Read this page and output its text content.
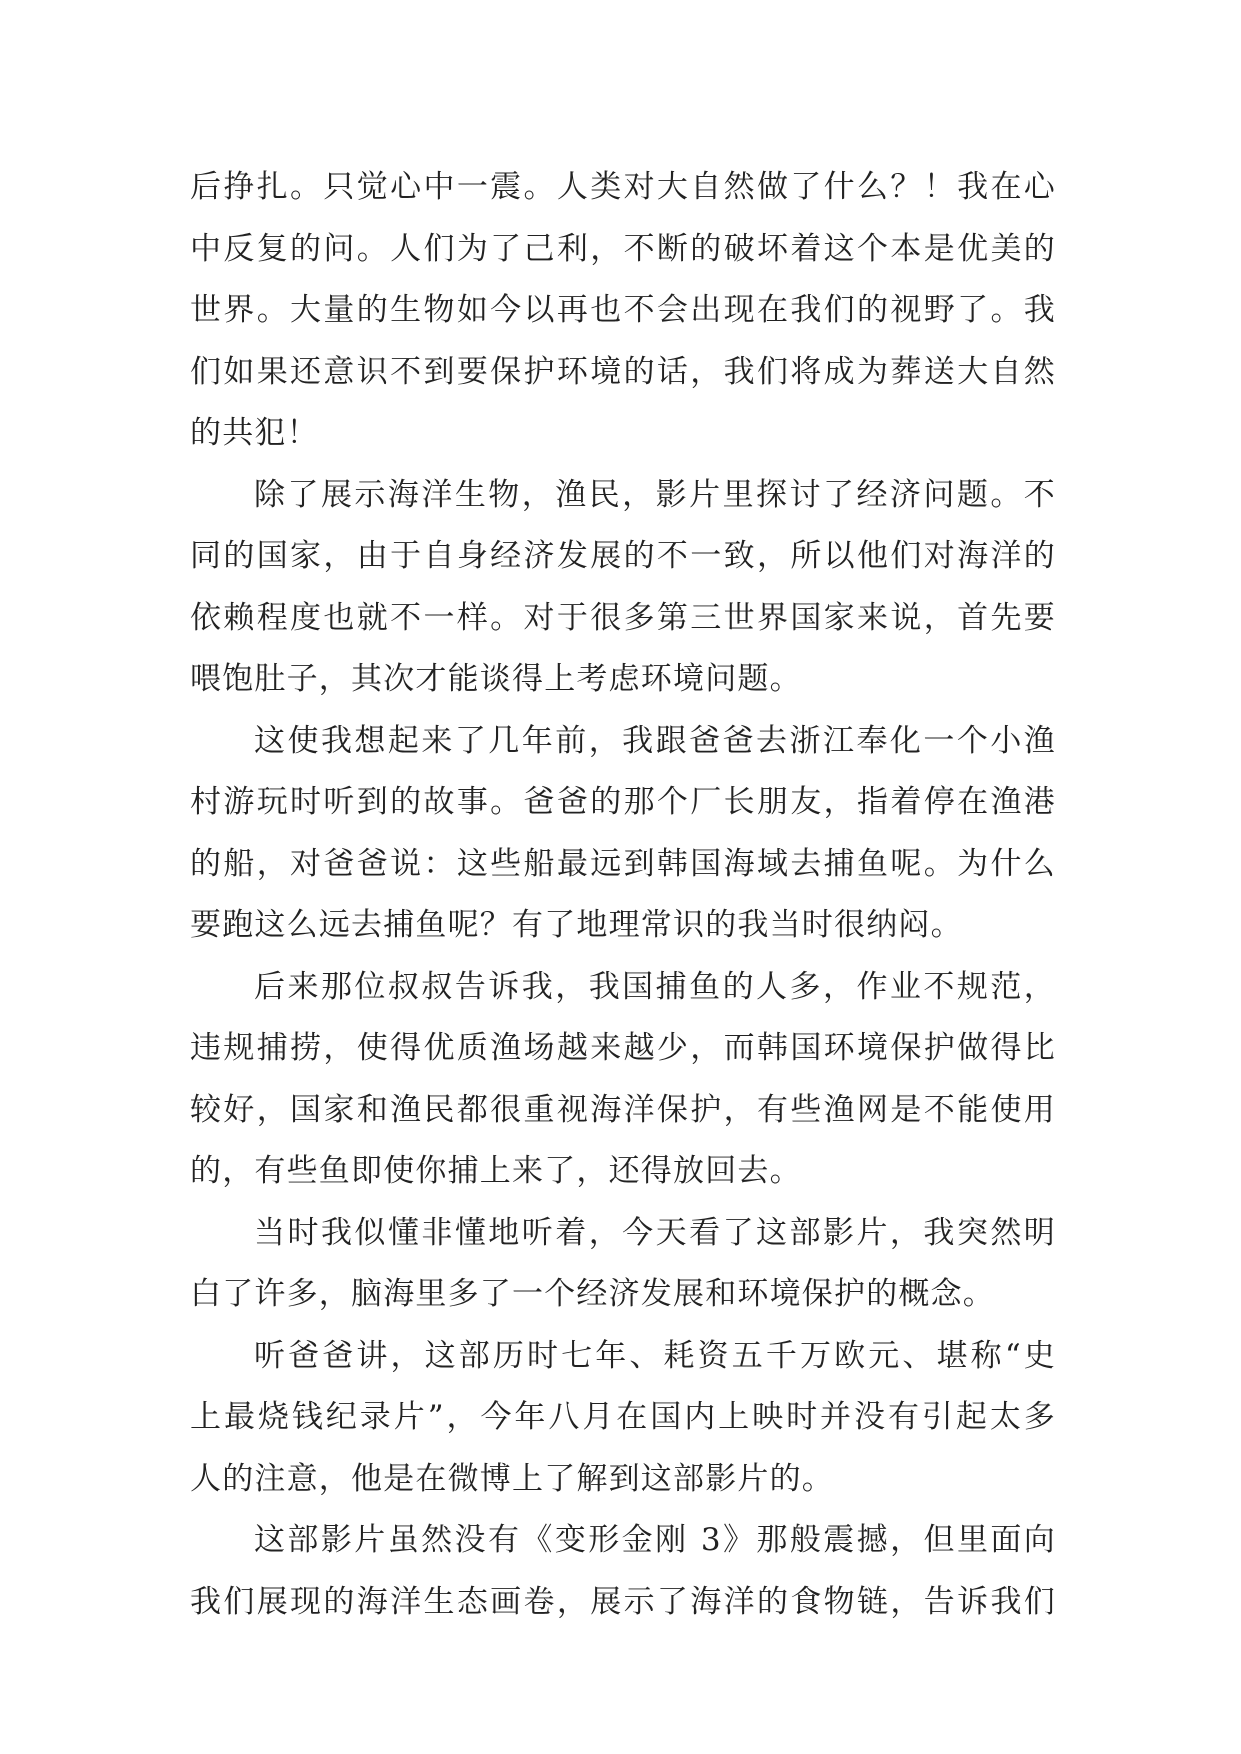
后挣扎。只觉心中一震。人类对大自然做了什么？！我在心
中反复的问。人们为了己利，不断的破坏着这个本是优美的
世界。大量的生物如今以再也不会出现在我们的视野了。我
们如果还意识不到要保护环境的话，我们将成为葬送大自然
的共犯！
除了展示海洋生物，渔民，影片里探讨了经济问题。不
同的国家，由于自身经济发展的不一致，所以他们对海洋的
依赖程度也就不一样。对于很多第三世界国家来说，首先要
喂饱肚子，其次才能谈得上考虑环境问题。
这使我想起来了几年前，我跟爸爸去浙江奉化一个小渔
村游玩时听到的故事。爸爸的那个厂长朋友，指着停在渔港
的船，对爸爸说：这些船最远到韩国海域去捕鱼呢。为什么
要跑这么远去捕鱼呢？有了地理常识的我当时很纳闷。
后来那位叔叔告诉我，我国捕鱼的人多，作业不规范，
违规捕捞，使得优质渔场越来越少，而韩国环境保护做得比
较好，国家和渔民都很重视海洋保护，有些渔网是不能使用
的，有些鱼即使你捕上来了，还得放回去。
当时我似懂非懂地听着，今天看了这部影片，我突然明
白了许多，脑海里多了一个经济发展和环境保护的概念。
听爸爸讲，这部历时七年、耗资五千万欧元、堪称“史
上最烧钱纪录片”，今年八月在国内上映时并没有引起太多
人的注意，他是在微博上了解到这部影片的。
这部影片虽然没有《变形金刚 3》那般震撼，但里面向
我们展现的海洋生态画卷，展示了海洋的食物链，告诉我们
